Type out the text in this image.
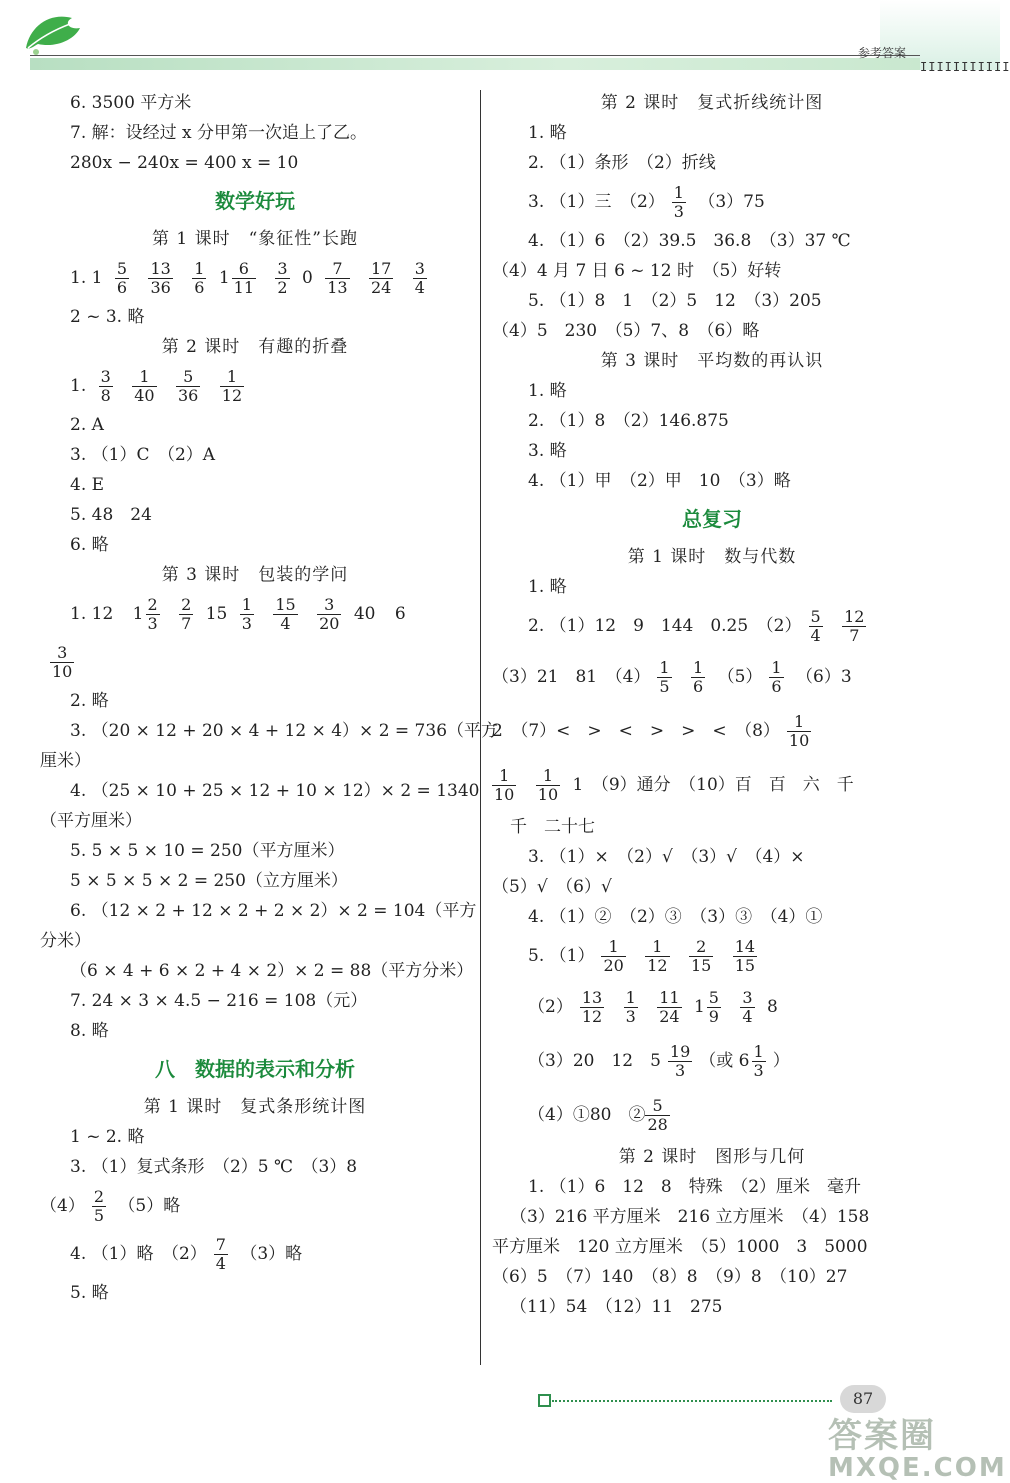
参考答案
IIIIIIIIIII
6. 3500 平方米
7. 解：设经过 x 分甲第一次追上了乙。
280x − 240x = 400 x = 10
数学好玩
第 1 课时　“象征性”长跑
1. $1 \frac{5}{6}$
$\frac{13}{36}$
$\frac{1}{6} 1 \frac{6}{11}$
$\frac{3}{2} 0 \frac{7}{13}$
$\frac{17}{24}$
$\frac{3}{4}$
2 ~ 3. 略
第 2 课时　有趣的折叠
1. $\frac{3}{8}$
$\frac{1}{40}$
$\frac{5}{36}$
$\frac{1}{12}$
2. A
3. （1）C　（2）A
4. E
5. 48　24
6. 略
第 3 课时　包装的学问
1. 12 $1 \frac{2}{3}$
$\frac{2}{7} 15 \frac{1}{3}$
$\frac{15}{4}$
$\frac{3}{20} 40$ 6
$\frac{3}{10}$
2. 略
3. （20 × 12 + 20 × 4 + 12 × 4）× 2 = 736（平方
厘米）
4. （25 × 10 + 25 × 12 + 10 × 12）× 2 = 1340
（平方厘米）
5. 5 × 5 × 10 = 250（平方厘米）
5 × 5 × 5 × 2 = 250（立方厘米）
6. （12 × 2 + 12 × 2 + 2 × 2）× 2 = 104（平方
分米）
（6 × 4 + 6 × 2 + 4 × 2）× 2 = 88（平方分米）
7. 24 × 3 × 4.5 − 216 = 108（元）
8. 略
八　数据的表示和分析
第 1 课时　复式条形统计图
1 ~ 2. 略
3. （1）复式条形　（2）5 ℃　（3）8
$(4) \frac{2}{5} (5)$略
4. （1）略　$(2) \frac{7}{4} (3)$略
5. 略
第 2 课时　复式折线统计图
1. 略
2. （1）条形　（2）折线
3. （1）三　$(2) \frac{1}{3} (3)75$
4. （1）6　（2）39.5　36.8　（3）37 ℃
（4）4 月 7 日 6 ~ 12 时　（5）好转
5. （1）8　1　（2）5　12　（3）205
（4）5　230　（5）7、8　（6）略
第 3 课时　平均数的再认识
1. 略
2. （1）8　（2）146.875
3. 略
4. （1）甲　（2）甲　10　（3）略
总复习
第 1 课时　数与代数
1. 略
2. （1）12　9　144　0.25　$(2) \frac{5}{4}$
$\frac{12}{7}$
（3）21　81　$(4) \frac{1}{5}$
$\frac{1}{6} (5) \frac{1}{6} (6)3$
2　（7）<　>　<　>　>　<　$(8) \frac{1}{10}$
$\frac{1}{10}$
$\frac{1}{10} 1$　（9）通分　（10）百　百　六　千
千　二十七
3. （1）×　（2）√　（3）√　（4）×
（5）√　（6）√
4. （1）②　（2）③　（3）③　（4）①
5. $(1) \frac{1}{20}$
$\frac{1}{12}$
$\frac{2}{15}$
$\frac{14}{15}$
$(2) \frac{13}{12}$
$\frac{1}{3}$
$\frac{11}{24} 1 \frac{5}{9}$
$\frac{3}{4} 8$
（3）20　12　$5 \frac{19}{3}$ （或 $6 \frac{1}{3}$ ）
（4）①80　② $\frac{5}{28}$
第 2 课时　图形与几何
1. （1）6　12　8　特殊　（2）厘米　毫升
（3）216 平方厘米　216 立方厘米　（4）158
平方厘米　120 立方厘米　（5）1000　3　5000
（6）5　（7）140　（8）8　（9）8　（10）27
（11）54　（12）11　275
87
答案圈
MXQE.COM
